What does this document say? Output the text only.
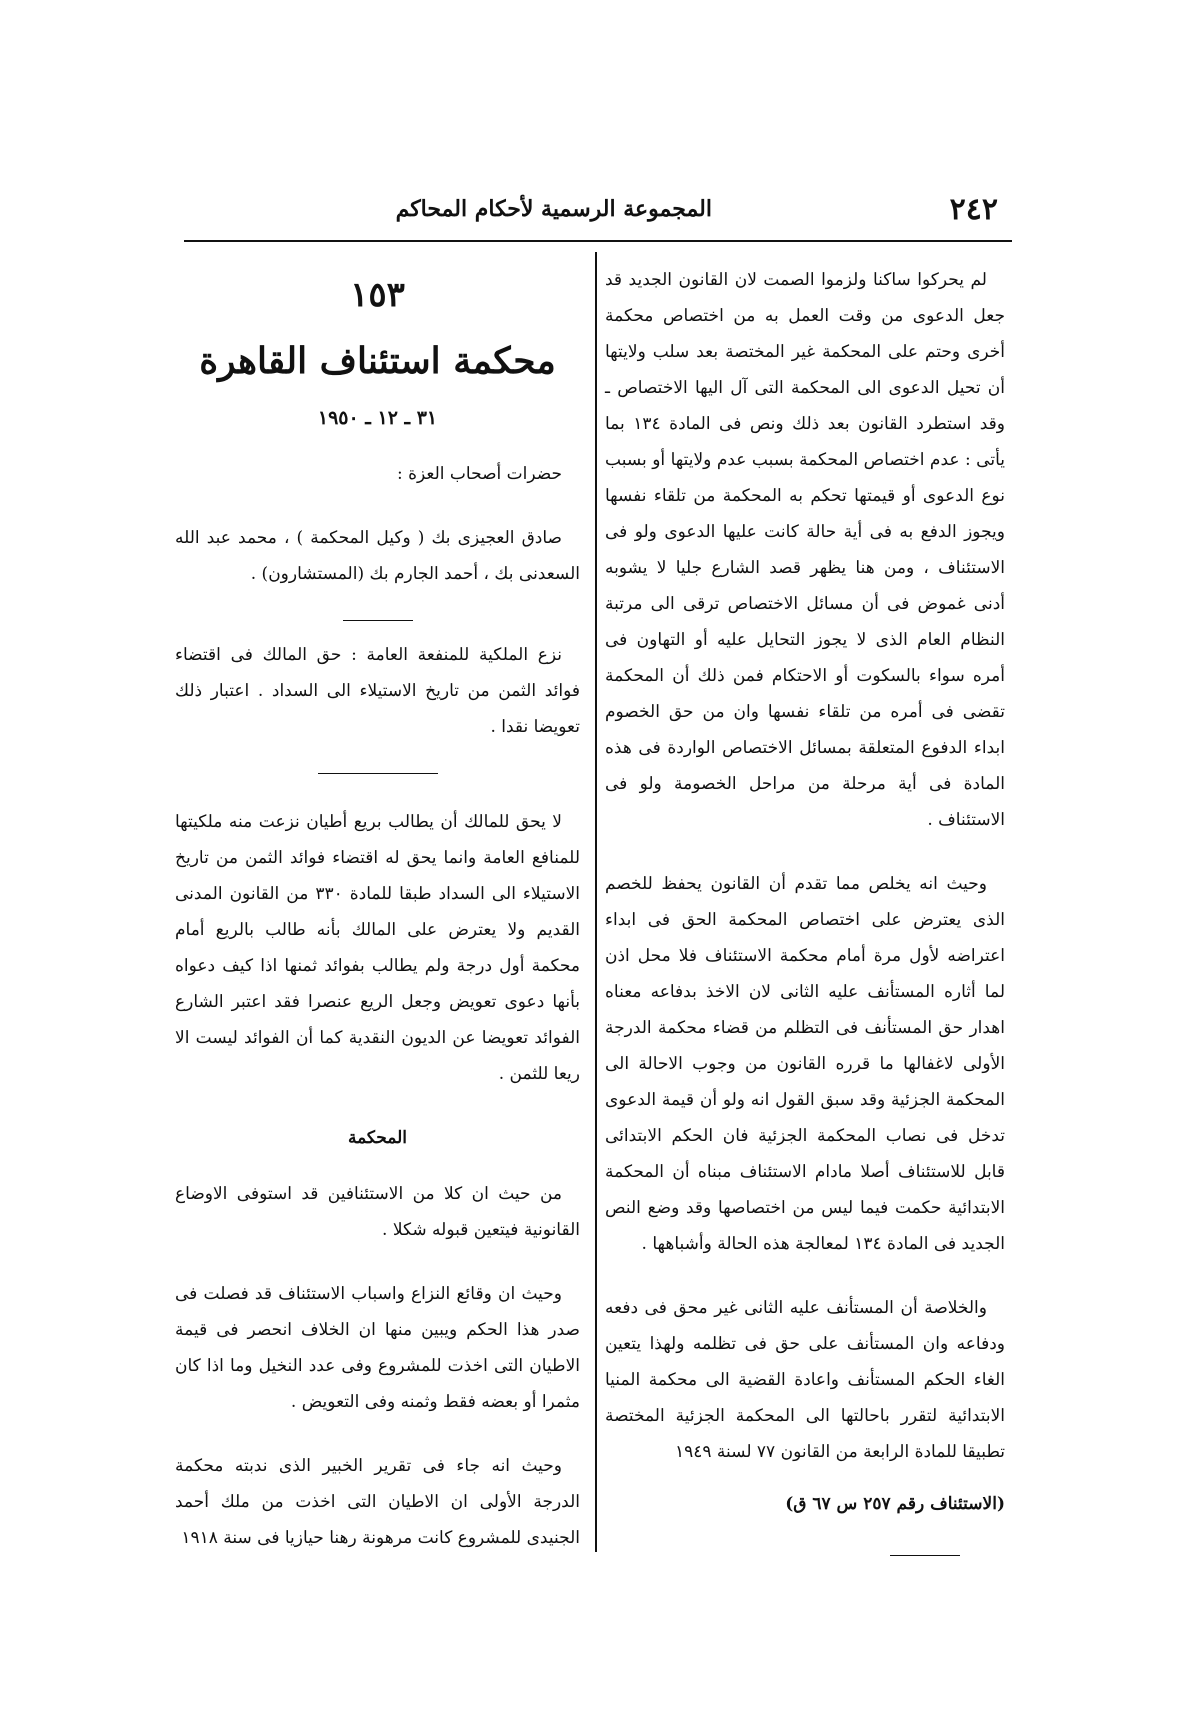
٢٤٢
المجموعة الرسمية لأحكام المحاكم

لم يحركوا ساكنا ولزموا الصمت لان القانون الجديد قد جعل الدعوى من وقت العمل به من اختصاص محكمة أخرى وحتم على المحكمة غير المختصة بعد سلب ولايتها أن تحيل الدعوى الى المحكمة التى آل اليها الاختصاص ـ وقد استطرد القانون بعد ذلك ونص فى المادة ١٣٤ بما يأتى : عدم اختصاص المحكمة بسبب عدم ولايتها أو بسبب نوع الدعوى أو قيمتها تحكم به المحكمة من تلقاء نفسها ويجوز الدفع به فى أية حالة كانت عليها الدعوى ولو فى الاستئناف ، ومن هنا يظهر قصد الشارع جليا لا يشوبه أدنى غموض فى أن مسائل الاختصاص ترقى الى مرتبة النظام العام الذى لا يجوز التحايل عليه أو التهاون فى أمره سواء بالسكوت أو الاحتكام فمن ذلك أن المحكمة تقضى فى أمره من تلقاء نفسها وان من حق الخصوم ابداء الدفوع المتعلقة بمسائل الاختصاص الواردة فى هذه المادة فى أية مرحلة من مراحل الخصومة ولو فى الاستئناف .

وحيث انه يخلص مما تقدم أن القانون يحفظ للخصم الذى يعترض على اختصاص المحكمة الحق فى ابداء اعتراضه لأول مرة أمام محكمة الاستئناف فلا محل اذن لما أثاره المستأنف عليه الثانى لان الاخذ بدفاعه معناه اهدار حق المستأنف فى التظلم من قضاء محكمة الدرجة الأولى لاغفالها ما قرره القانون من وجوب الاحالة الى المحكمة الجزئية وقد سبق القول انه ولو أن قيمة الدعوى تدخل فى نصاب المحكمة الجزئية فان الحكم الابتدائى قابل للاستئناف أصلا مادام الاستئناف مبناه أن المحكمة الابتدائية حكمت فيما ليس من اختصاصها وقد وضع النص الجديد فى المادة ١٣٤ لمعالجة هذه الحالة وأشباهها .

والخلاصة أن المستأنف عليه الثانى غير محق فى دفعه ودفاعه وان المستأنف على حق فى تظلمه ولهذا يتعين الغاء الحكم المستأنف واعادة القضية الى محكمة المنيا الابتدائية لتقرر باحالتها الى المحكمة الجزئية المختصة تطبيقا للمادة الرابعة من القانون ٧٧ لسنة ١٩٤٩

(الاستئناف رقم ٢٥٧ س ٦٧ ق)

١٥٣
محكمة استئناف القاهرة
٣١ ـ ١٢ ـ ١٩٥٠

حضرات أصحاب العزة :

صادق العجيزى بك ( وكيل المحكمة ) ، محمد عبد الله السعدنى بك ، أحمد الجارم بك (المستشارون) .

نزع الملكية للمنفعة العامة : حق المالك فى اقتضاء فوائد الثمن من تاريخ الاستيلاء الى السداد . اعتبار ذلك تعويضا نقدا .

لا يحق للمالك أن يطالب بريع أطيان نزعت منه ملكيتها للمنافع العامة وانما يحق له اقتضاء فوائد الثمن من تاريخ الاستيلاء الى السداد طبقا للمادة ٣٣٠ من القانون المدنى القديم ولا يعترض على المالك بأنه طالب بالريع أمام محكمة أول درجة ولم يطالب بفوائد ثمنها اذا كيف دعواه بأنها دعوى تعويض وجعل الريع عنصرا فقد اعتبر الشارع الفوائد تعويضا عن الديون النقدية كما أن الفوائد ليست الا ريعا للثمن .

المحكمة

من حيث ان كلا من الاستئنافين قد استوفى الاوضاع القانونية فيتعين قبوله شكلا .

وحيث ان وقائع النزاع واسباب الاستئناف قد فصلت فى صدر هذا الحكم ويبين منها ان الخلاف انحصر فى قيمة الاطيان التى اخذت للمشروع وفى عدد النخيل وما اذا كان مثمرا أو بعضه فقط وثمنه وفى التعويض .

وحيث انه جاء فى تقرير الخبير الذى ندبته محكمة الدرجة الأولى ان الاطيان التى اخذت من ملك أحمد الجنيدى للمشروع كانت مرهونة رهنا حيازيا فى سنة ١٩١٨
